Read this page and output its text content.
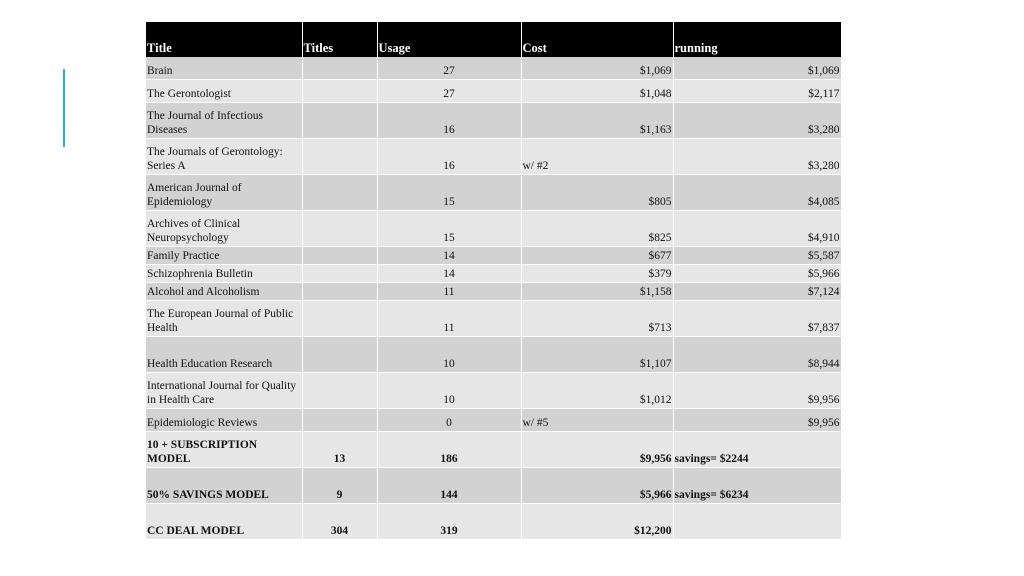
Title	Titles	Usage	Cost	running
Brain		27	$1,069	$1,069
The Gerontologist		27	$1,048	$2,117
The Journal of Infectious Diseases		16	$1,163	$3,280
The Journals of Gerontology: Series A		16	w/ #2	$3,280
American Journal of Epidemiology		15	$805	$4,085
Archives of Clinical Neuropsychology		15	$825	$4,910
Family Practice		14	$677	$5,587
Schizophrenia Bulletin		14	$379	$5,966
Alcohol and Alcoholism		11	$1,158	$7,124
The European Journal of Public Health		11	$713	$7,837
Health Education Research		10	$1,107	$8,944
International Journal for Quality in Health Care		10	$1,012	$9,956
Epidemiologic Reviews		0	w/ #5	$9,956
10 + SUBSCRIPTION MODEL	13	186	$9,956	savings= $2244
50% SAVINGS MODEL	9	144	$5,966	savings= $6234
CC DEAL MODEL	304	319	$12,200	
